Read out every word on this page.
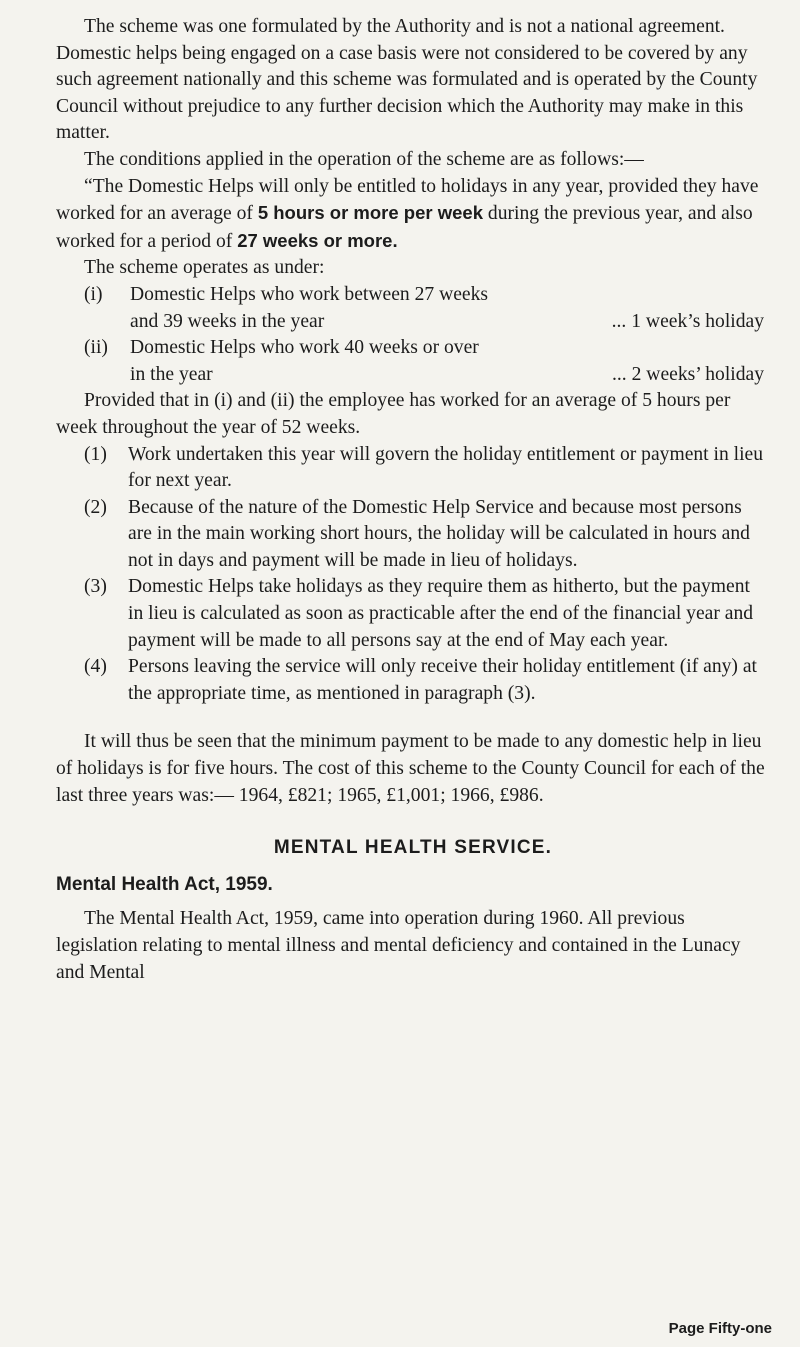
The scheme was one formulated by the Authority and is not a national agreement. Domestic helps being engaged on a case basis were not considered to be covered by any such agreement nationally and this scheme was formulated and is operated by the County Council without prejudice to any further decision which the Authority may make in this matter.

The conditions applied in the operation of the scheme are as follows:—

“The Domestic Helps will only be entitled to holidays in any year, provided they have worked for an average of 5 hours or more per week during the previous year, and also worked for a period of 27 weeks or more.

The scheme operates as under:

(i)	Domestic Helps who work between 27 weeks
and 39 weeks in the year	... 1 week’s holiday
(ii)	Domestic Helps who work 40 weeks or over
in the year	... 2 weeks’ holiday

Provided that in (i) and (ii) the employee has worked for an average of 5 hours per week throughout the year of 52 weeks.

(1)	Work undertaken this year will govern the holiday entitlement or payment in lieu for next year.
(2)	Because of the nature of the Domestic Help Service and because most persons are in the main working short hours, the holiday will be calculated in hours and not in days and payment will be made in lieu of holidays.
(3)	Domestic Helps take holidays as they require them as hitherto, but the payment in lieu is calculated as soon as practicable after the end of the financial year and payment will be made to all persons say at the end of May each year.
(4)	Persons leaving the service will only receive their holiday entitlement (if any) at the appropriate time, as mentioned in paragraph (3).

It will thus be seen that the minimum payment to be made to any domestic help in lieu of holidays is for five hours. The cost of this scheme to the County Council for each of the last three years was:— 1964, £821; 1965, £1,001; 1966, £986.

MENTAL HEALTH SERVICE.
Mental Health Act, 1959.

The Mental Health Act, 1959, came into operation during 1960. All previous legislation relating to mental illness and mental deficiency and contained in the Lunacy and Mental

Page Fifty-one
